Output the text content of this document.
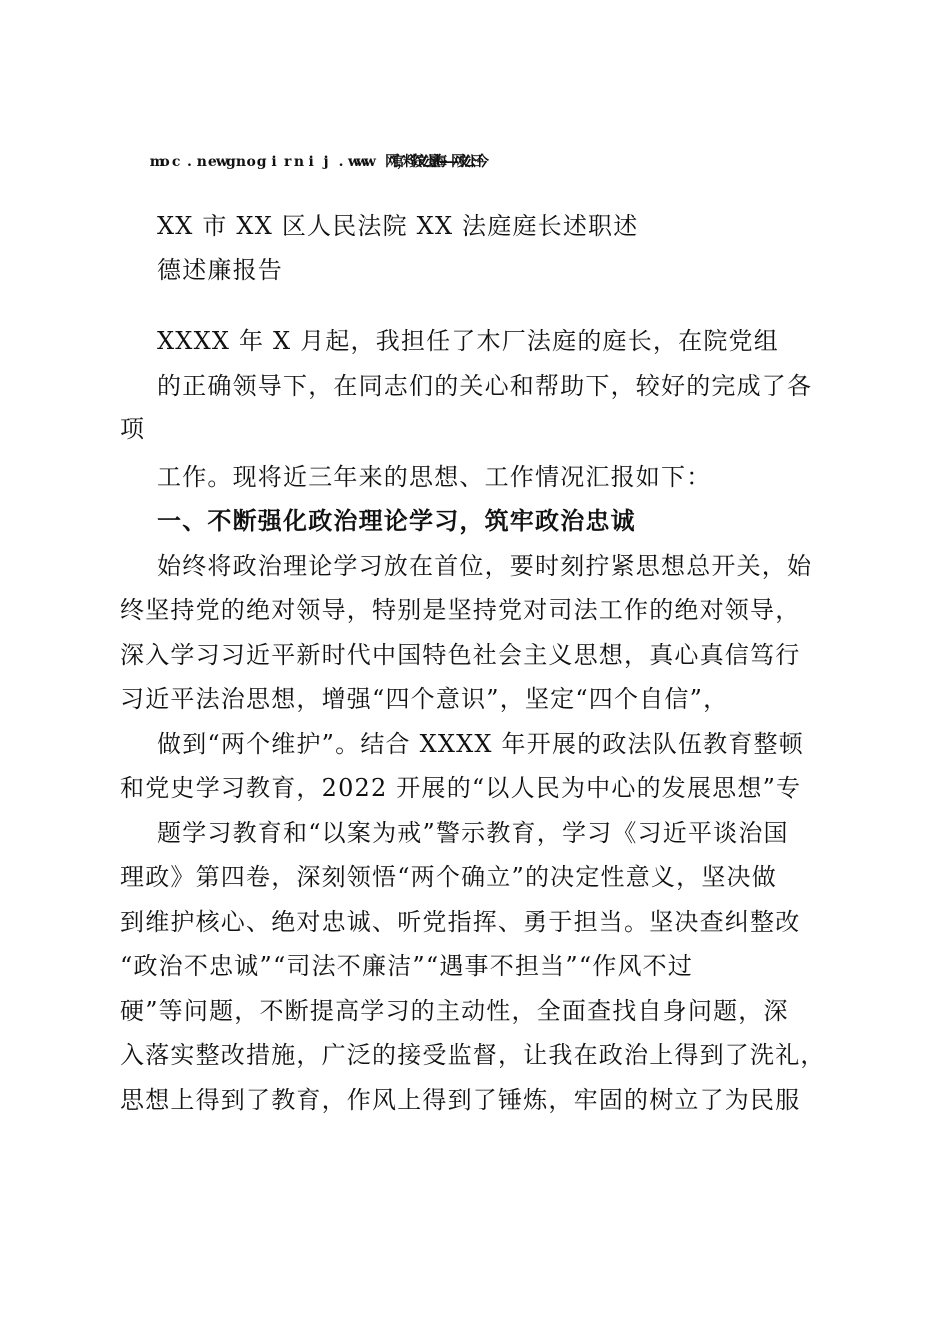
XX 市 XX 区人民法院 XX 法庭庭长述职述
德述廉报告
XXXX 年 X 月起，我担任了木厂法庭的庭长，在院党组
的正确领导下，在同志们的关心和帮助下，较好的完成了各
项
工作。现将近三年来的思想、工作情况汇报如下：
一、不断强化政治理论学习，筑牢政治忠诚
始终将政治理论学习放在首位，要时刻拧紧思想总开关，始
终坚持党的绝对领导，特别是坚持党对司法工作的绝对领导，
深入学习习近平新时代中国特色社会主义思想，真心真信笃行
习近平法治思想，增强“四个意识”，坚定“四个自信”，
做到“两个维护”。结合 XXXX 年开展的政法队伍教育整顿
和党史学习教育，2022 开展的“以人民为中心的发展思想”专
题学习教育和“以案为戒”警示教育，学习《习近平谈治国
理政》第四卷，深刻领悟“两个确立”的决定性意义，坚决做
到维护核心、绝对忠诚、听党指挥、勇于担当。坚决查纠整改
“政治不忠诚”“司法不廉洁”“遇事不担当”“作风不过
硬”等问题，不断提高学习的主动性，全面查找自身问题，深
入落实整改措施，广泛的接受监督，让我在政治上得到了洗礼，
思想上得到了教育，作风上得到了锤炼，牢固的树立了为民服
